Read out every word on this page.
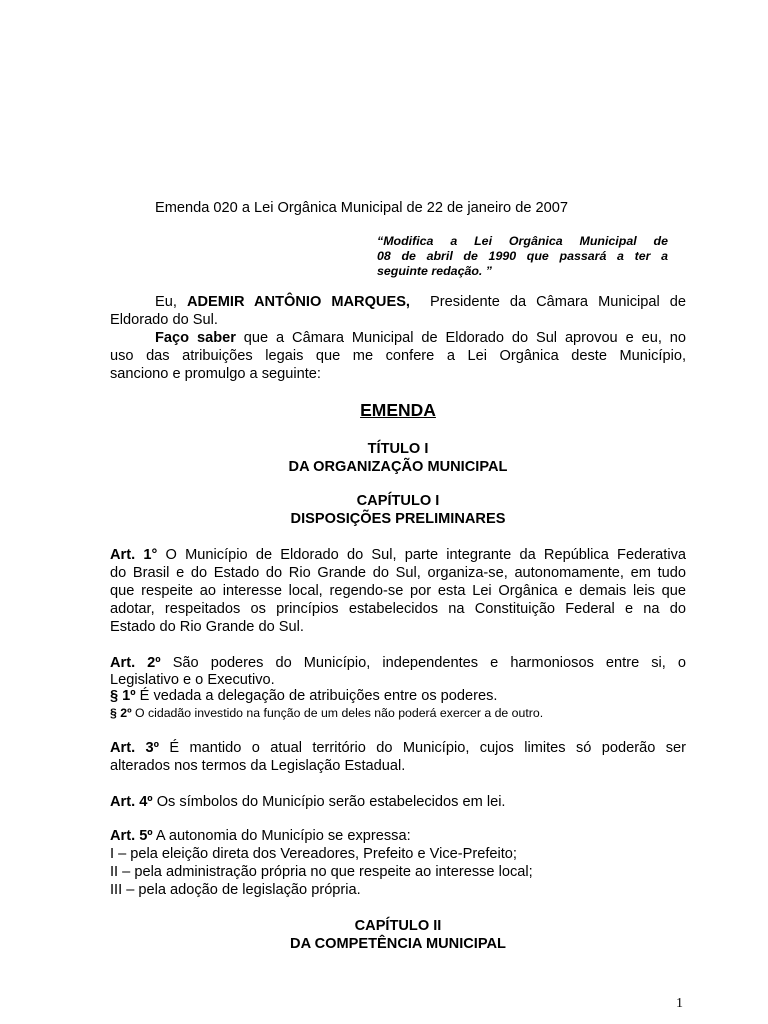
Emenda 020 a Lei Orgânica Municipal de 22 de janeiro de 2007
“Modifica a Lei Orgânica Municipal de
08 de abril de 1990 que passará a ter a
seguinte redação. ”
Eu, ADEMIR ANTÔNIO MARQUES,  Presidente da Câmara Municipal de
Eldorado do Sul.
Faço saber que a Câmara Municipal de Eldorado do Sul aprovou e eu, no
uso das atribuições legais que me confere a Lei Orgânica deste Município,
sanciono e promulgo a seguinte:
EMENDA
TÍTULO I
DA ORGANIZAÇÃO MUNICIPAL
CAPÍTULO I
DISPOSIÇÕES PRELIMINARES
Art. 1° O Município de Eldorado do Sul, parte integrante da República Federativa
do Brasil e do Estado do Rio Grande do Sul, organiza-se, autonomamente, em tudo
que respeite ao interesse local, regendo-se por esta Lei Orgânica e demais leis que
adotar, respeitados os princípios estabelecidos na Constituição Federal e na do
Estado do Rio Grande do Sul.
Art. 2º São poderes do Município, independentes e harmoniosos entre si, o
Legislativo e o Executivo.
§ 1º É vedada a delegação de atribuições entre os poderes.
§ 2º O cidadão investido na função de um deles não poderá exercer a de outro.
Art. 3º É mantido o atual território do Município, cujos limites só poderão ser
alterados nos termos da Legislação Estadual.
Art. 4º Os símbolos do Município serão estabelecidos em lei.
Art. 5º A autonomia do Município se expressa:
I – pela eleição direta dos Vereadores, Prefeito e Vice-Prefeito;
II – pela administração própria no que respeite ao interesse local;
III – pela adoção de legislação própria.
CAPÍTULO II
DA COMPETÊNCIA MUNICIPAL
1
